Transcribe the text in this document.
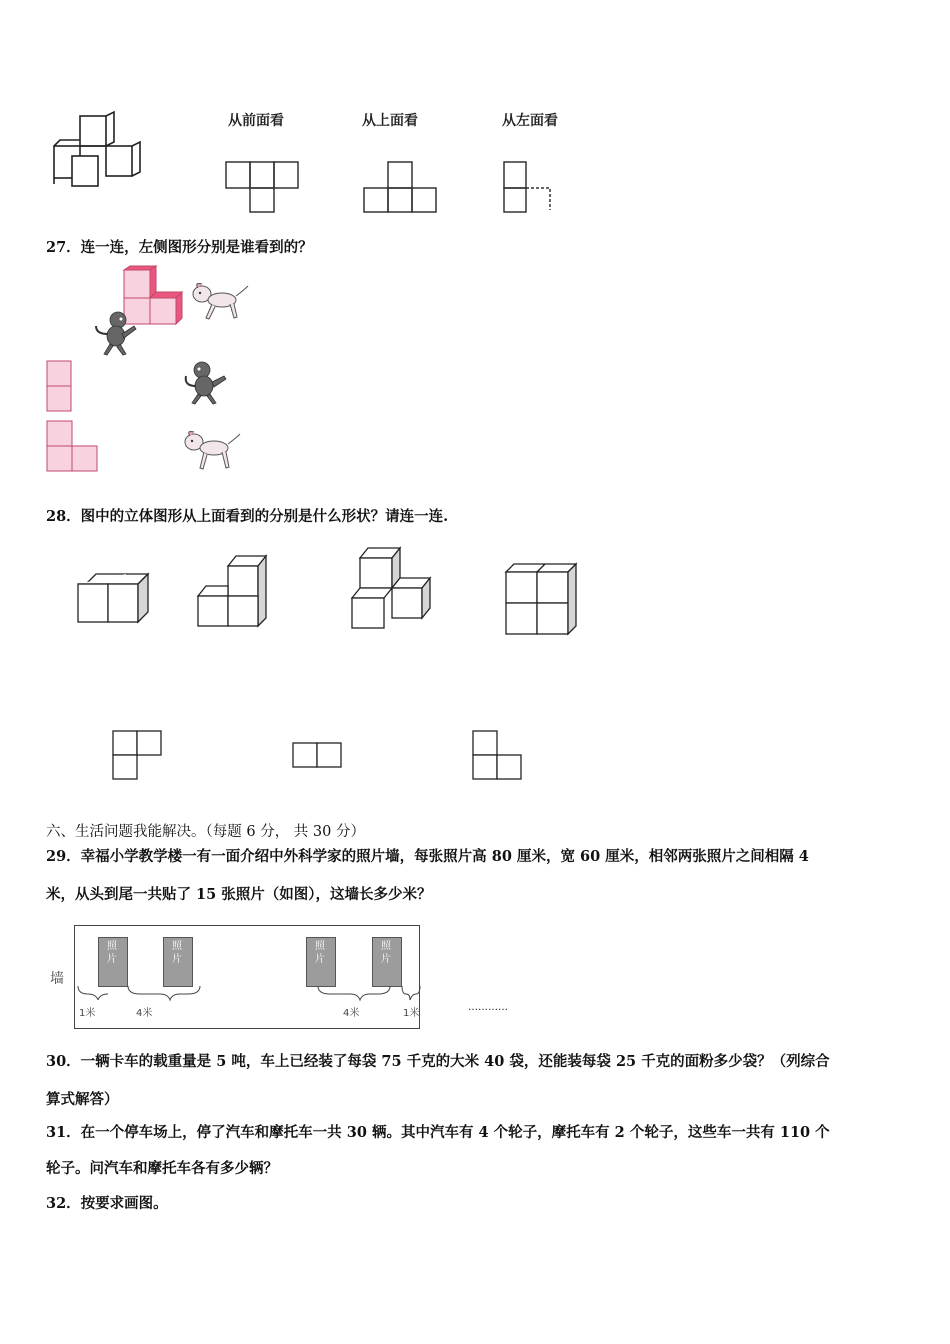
从前面看	从上面看	从左面看
27．连一连，左侧图形分别是谁看到的？
28．图中的立体图形从上面看到的分别是什么形状？请连一连.
六、生活问题我能解决。（每题 6 分， 共 30 分）
29．幸福小学教学楼一有一面介绍中外科学家的照片墙，每张照片高 80 厘米，宽 60 厘米，相邻两张照片之间相隔 4
米，从头到尾一共贴了 15 张照片（如图），这墙长多少米？
墙
照片
照片
照片
照片
1米	4米	4米	1米
…………
30．一辆卡车的载重量是 5 吨，车上已经装了每袋 75 千克的大米 40 袋，还能装每袋 25 千克的面粉多少袋？（列综合
算式解答）
31．在一个停车场上，停了汽车和摩托车一共 30 辆。其中汽车有 4 个轮子，摩托车有 2 个轮子，这些车一共有 110 个
轮子。问汽车和摩托车各有多少辆？
32．按要求画图。
